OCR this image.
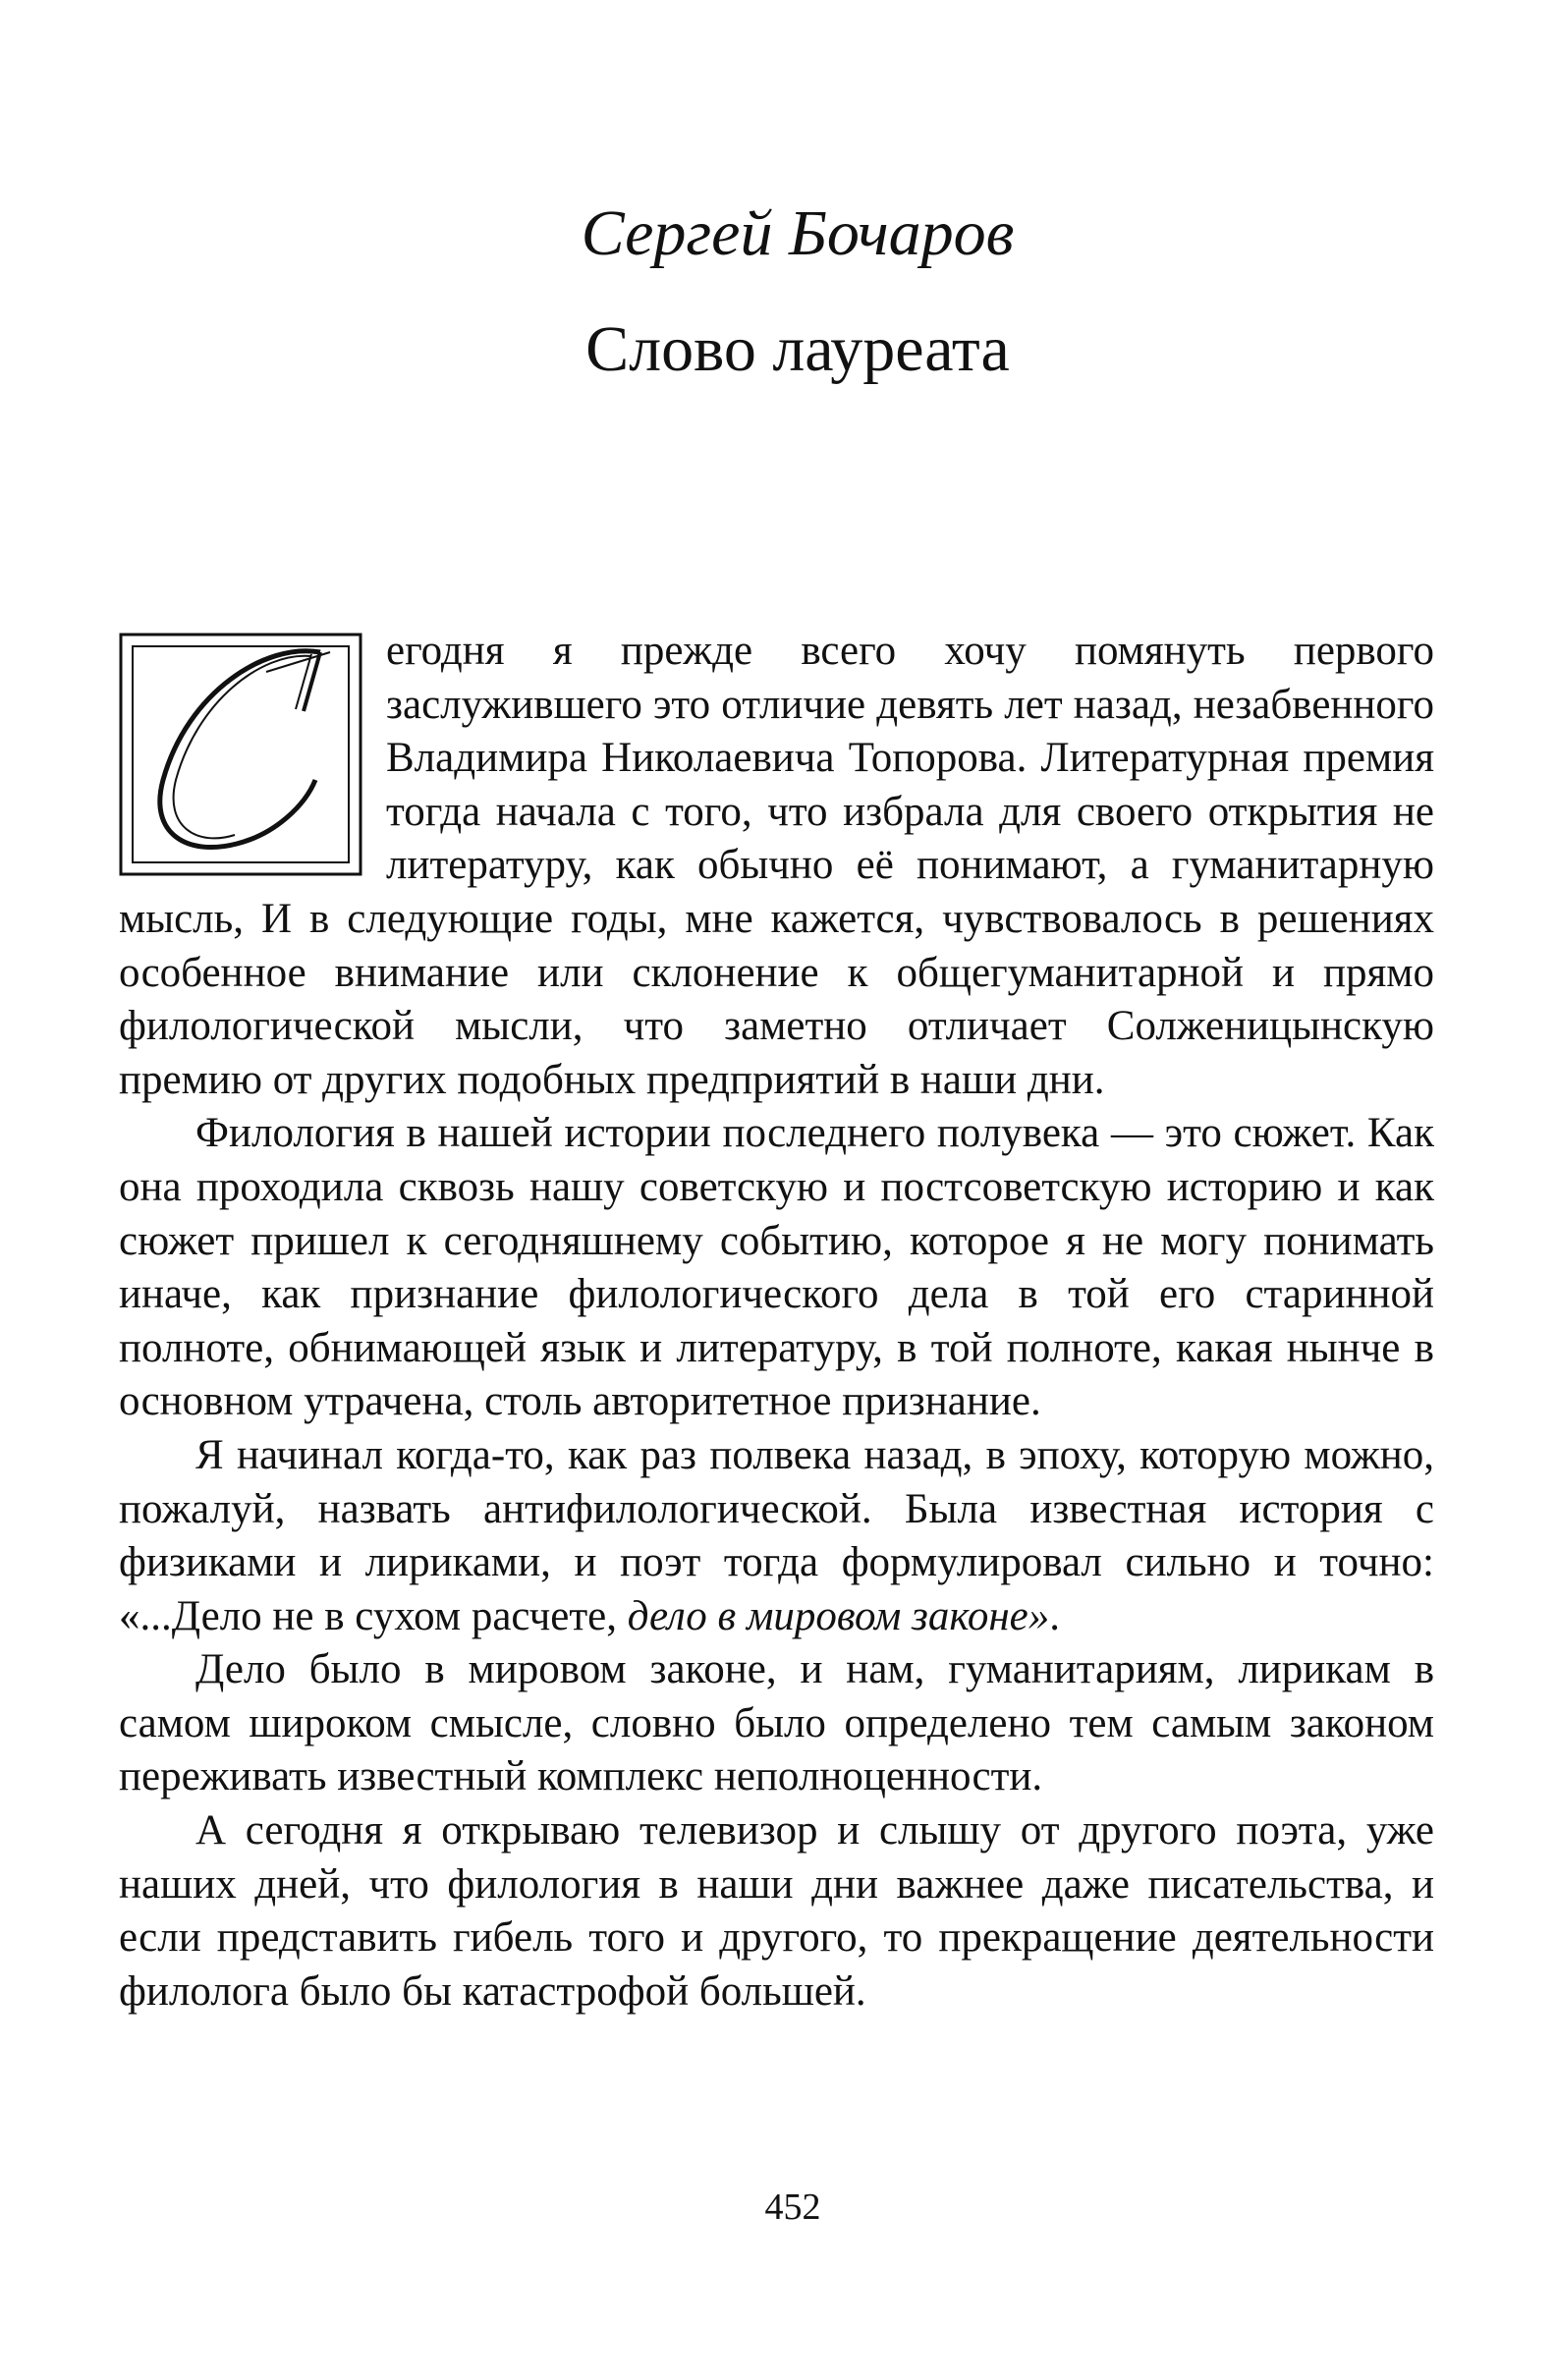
Сергей Бочаров
Слово лауреата

егодня я прежде всего хочу помянуть первого заслужившего это отличие девять лет назад, незабвенного Владимира Николаевича Топорова. Литературная премия тогда начала с того, что избрала для своего открытия не литературу, как обычно её понимают, а гуманитарную мысль, И в следующие годы, мне кажется, чувствовалось в решениях особенное внимание или склонение к общегуманитарной и прямо филологической мысли, что заметно отличает Солженицынскую премию от других подобных предприятий в наши дни.

Филология в нашей истории последнего полувека — это сюжет. Как она проходила сквозь нашу советскую и постсоветскую историю и как сюжет пришел к сегодняшнему событию, которое я не могу понимать иначе, как признание филологического дела в той его старинной полноте, обнимающей язык и литературу, в той полноте, какая нынче в основном утрачена, столь авторитетное признание.

Я начинал когда-то, как раз полвека назад, в эпоху, которую можно, пожалуй, назвать антифилологической. Была известная история с физиками и лириками, и поэт тогда формулировал сильно и точно: «...Дело не в сухом расчете, дело в мировом законе».

Дело было в мировом законе, и нам, гуманитариям, лирикам в самом широком смысле, словно было определено тем самым законом переживать известный комплекс неполноценности.

А сегодня я открываю телевизор и слышу от другого поэта, уже наших дней, что филология в наши дни важнее даже писательства, и если представить гибель того и другого, то прекращение деятельности филолога было бы катастрофой большей.

452
